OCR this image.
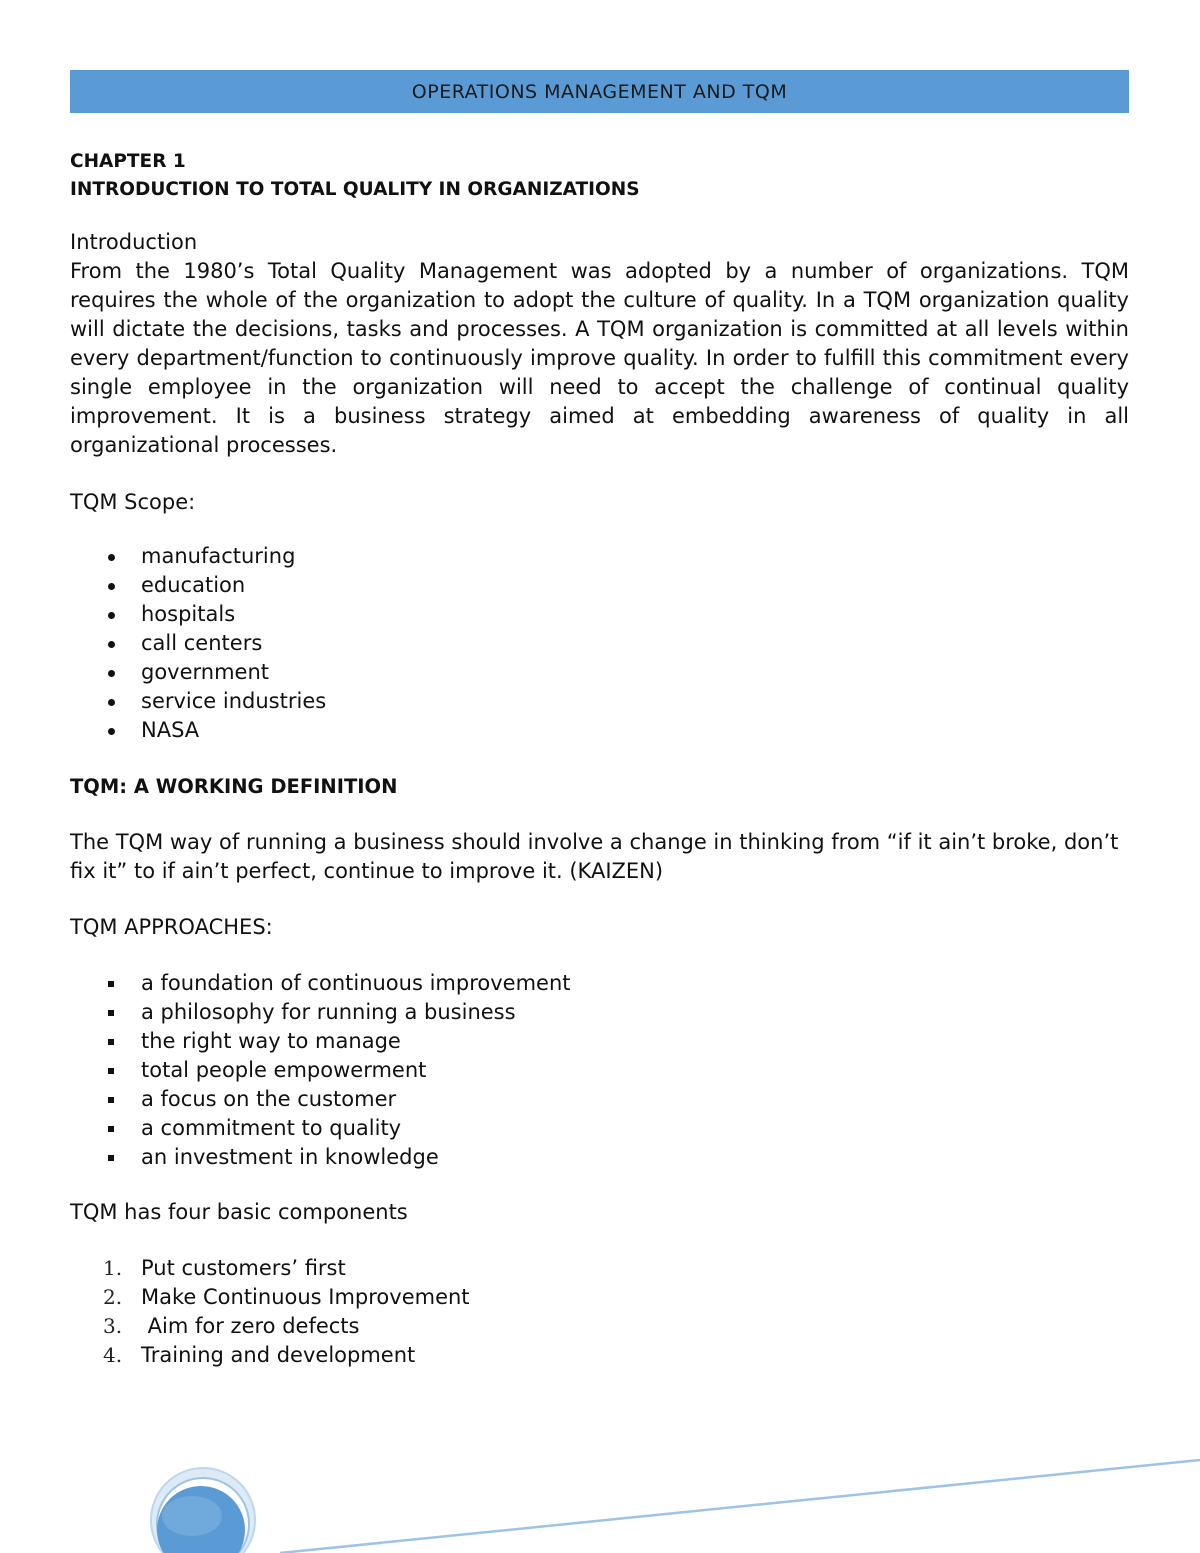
OPERATIONS MANAGEMENT AND TQM
CHAPTER 1
INTRODUCTION TO TOTAL QUALITY IN ORGANIZATIONS

Introduction

From the 1980’s Total Quality Management was adopted by a number of organizations. TQM requires the whole of the organization to adopt the culture of quality. In a TQM organization quality will dictate the decisions, tasks and processes. A TQM organization is committed at all levels within every department/function to continuously improve quality. In order to fulfill this commitment every single employee in the organization will need to accept the challenge of continual quality improvement. It is a business strategy aimed at embedding awareness of quality in all organizational processes.

TQM Scope:

manufacturing
education
hospitals
call centers
government
service industries
NASA

TQM: A WORKING DEFINITION

The TQM way of running a business should involve a change in thinking from “if it ain’t broke, don’t fix it” to if ain’t perfect, continue to improve it. (KAIZEN)

TQM APPROACHES:

a foundation of continuous improvement
a philosophy for running a business
the right way to manage
total people empowerment
a focus on the customer
a commitment to quality
an investment in knowledge

TQM has four basic components

1. Put customers’ first
2. Make Continuous Improvement
3. Aim for zero defects
4. Training and development
